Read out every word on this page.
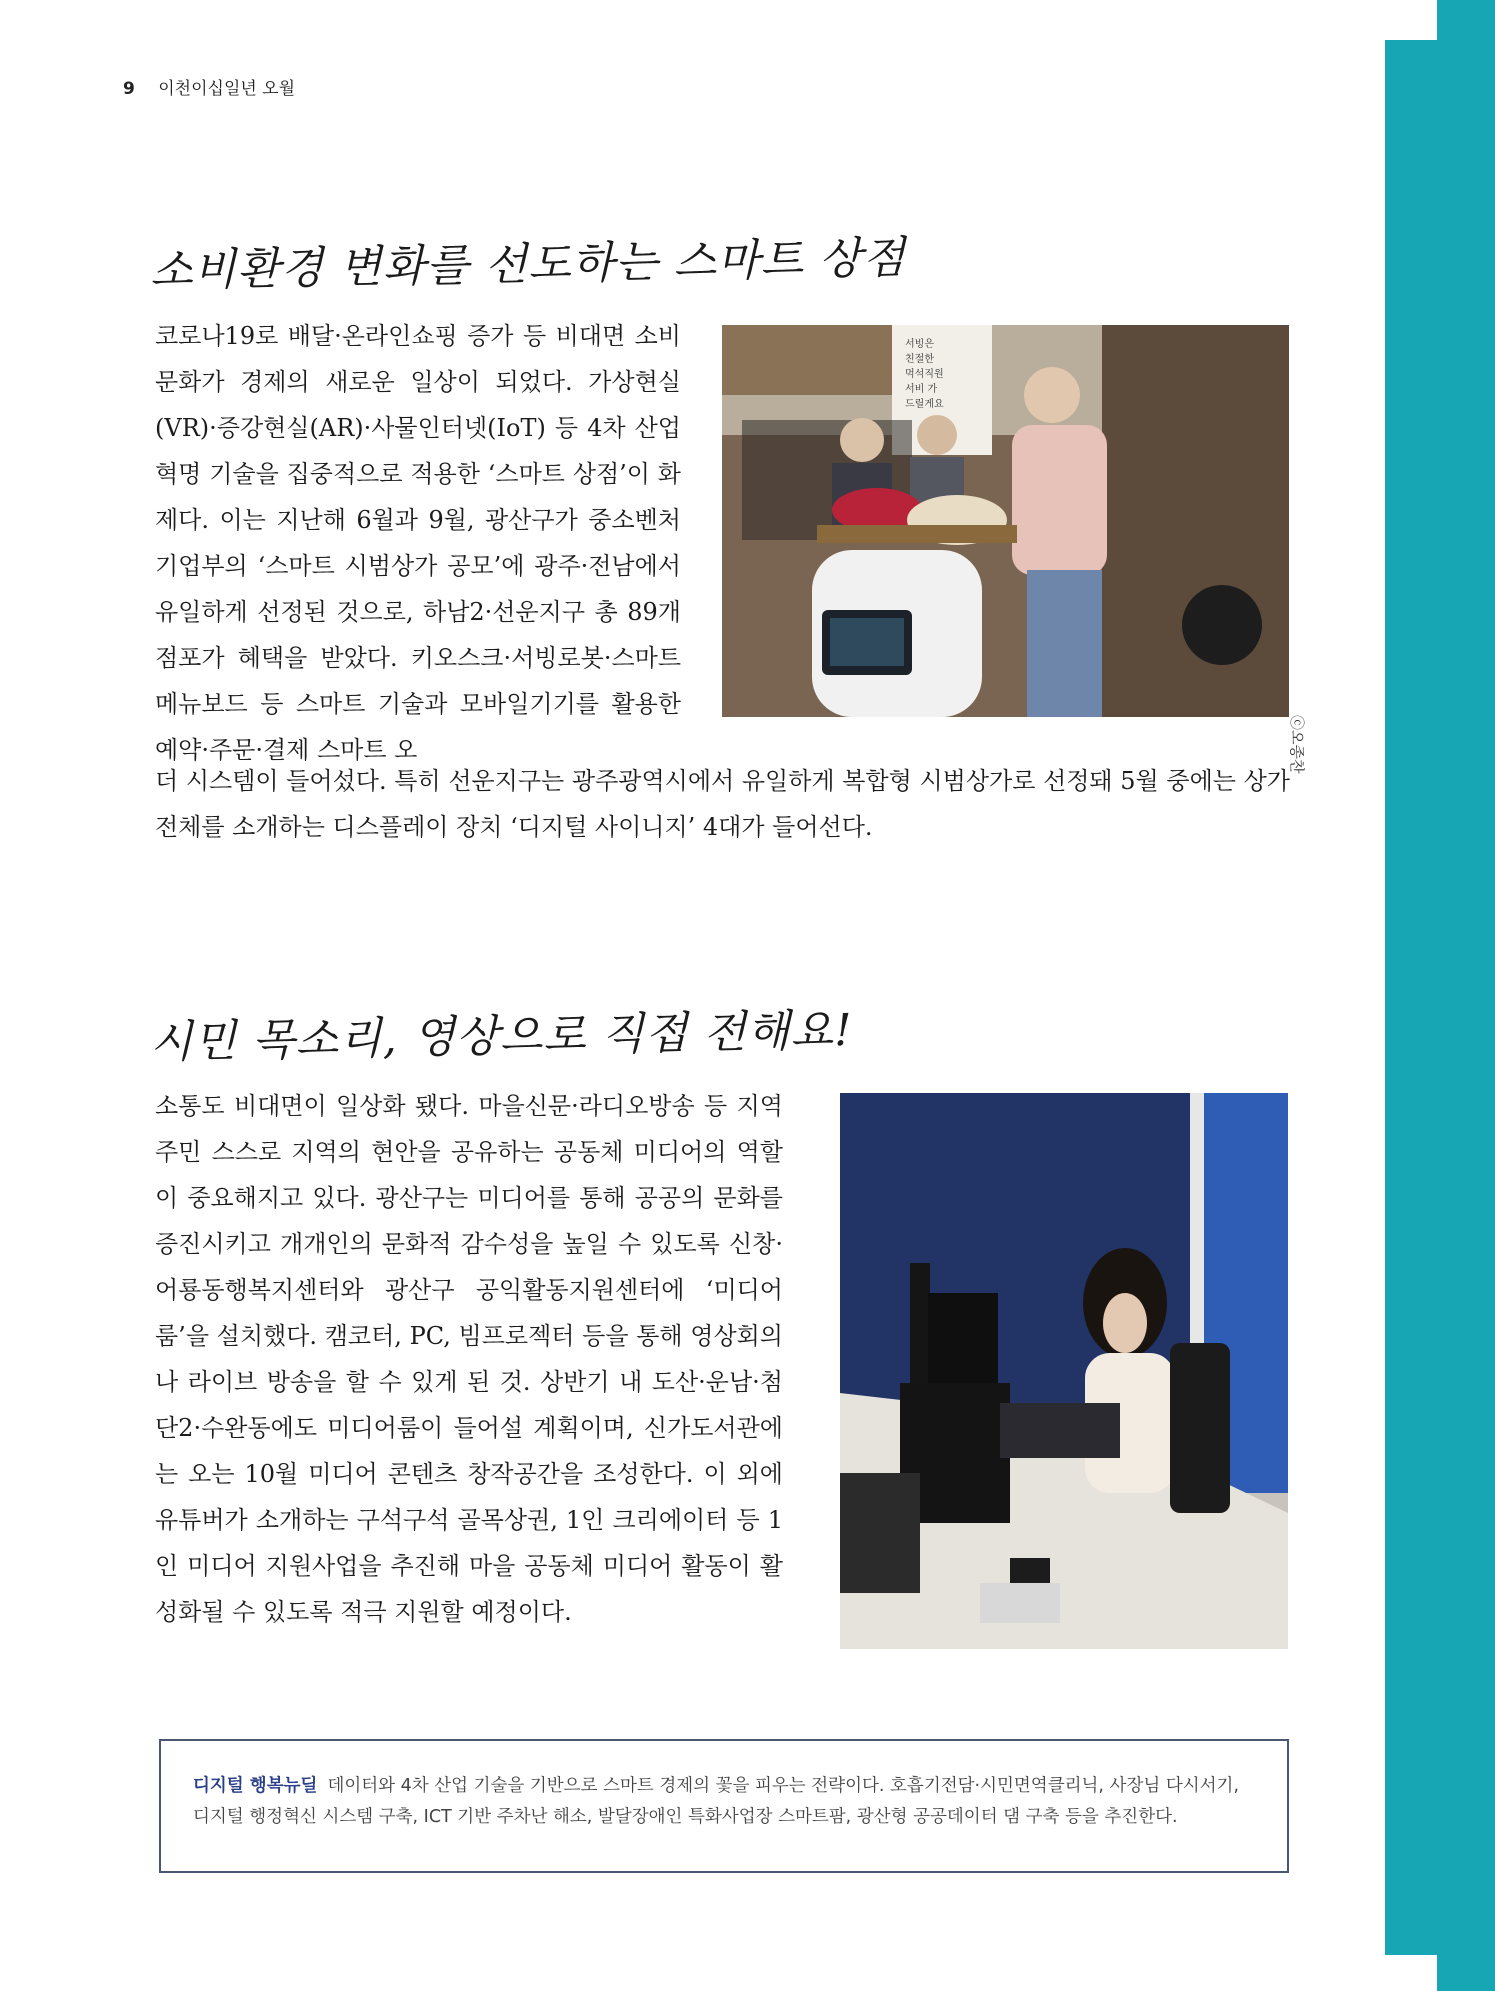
9 이천이십일년 오월
소비환경 변화를 선도하는 스마트 상점

코로나19로 배달·온라인쇼핑 증가 등 비대면 소비 문화가 경제의 새로운 일상이 되었다. 가상현실(VR)·증강현실(AR)·사물인터넷(IoT) 등 4차 산업혁명 기술을 집중적으로 적용한 ‘스마트 상점’이 화제다. 이는 지난해 6월과 9월, 광산구가 중소벤처기업부의 ‘스마트 시범상가 공모’에 광주·전남에서 유일하게 선정된 것으로, 하남2·선운지구 총 89개 점포가 혜택을 받았다. 키오스크·서빙로봇·스마트메뉴보드 등 스마트 기술과 모바일기기를 활용한 예약·주문·결제 스마트 오

서빙은 친절한 먹석직원 서비 가 드릴게요
ⓒ오종찬

더 시스템이 들어섰다. 특히 선운지구는 광주광역시에서 유일하게 복합형 시범상가로 선정돼 5월 중에는 상가 전체를 소개하는 디스플레이 장치 ‘디지털 사이니지’ 4대가 들어선다.

시민 목소리, 영상으로 직접 전해요!

소통도 비대면이 일상화 됐다. 마을신문·라디오방송 등 지역주민 스스로 지역의 현안을 공유하는 공동체 미디어의 역할이 중요해지고 있다. 광산구는 미디어를 통해 공공의 문화를 증진시키고 개개인의 문화적 감수성을 높일 수 있도록 신창·어룡동행복지센터와 광산구 공익활동지원센터에 ‘미디어룸’을 설치했다. 캠코터, PC, 빔프로젝터 등을 통해 영상회의나 라이브 방송을 할 수 있게 된 것. 상반기 내 도산·운남·첨단2·수완동에도 미디어룸이 들어설 계획이며, 신가도서관에는 오는 10월 미디어 콘텐츠 창작공간을 조성한다. 이 외에 유튜버가 소개하는 구석구석 골목상권, 1인 크리에이터 등 1인 미디어 지원사업을 추진해 마을 공동체 미디어 활동이 활성화될 수 있도록 적극 지원할 예정이다.

디지털 행복뉴딜 데이터와 4차 산업 기술을 기반으로 스마트 경제의 꽃을 피우는 전략이다. 호흡기전담·시민면역클리닉, 사장님 다시서기, 디지털 행정혁신 시스템 구축, ICT 기반 주차난 해소, 발달장애인 특화사업장 스마트팜, 광산형 공공데이터 댐 구축 등을 추진한다.
